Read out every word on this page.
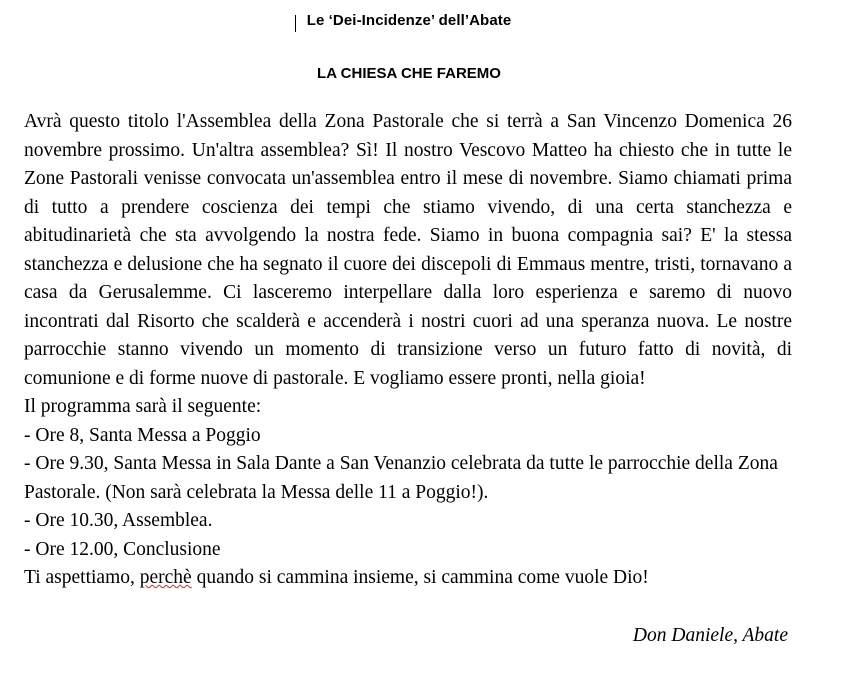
Le ‘Dei-Incidenze’ dell’Abate
LA CHIESA CHE FAREMO

Avrà questo titolo l'Assemblea della Zona Pastorale che si terrà a San Vincenzo Domenica 26 novembre prossimo. Un'altra assemblea? Sì! Il nostro Vescovo Matteo ha chiesto che in tutte le Zone Pastorali venisse convocata un'assemblea entro il mese di novembre. Siamo chiamati prima di tutto a prendere coscienza dei tempi che stiamo vivendo, di una certa stanchezza e abitudinarietà che sta avvolgendo la nostra fede. Siamo in buona compagnia sai? E' la stessa stanchezza e delusione che ha segnato il cuore dei discepoli di Emmaus mentre, tristi, tornavano a casa da Gerusalemme. Ci lasceremo interpellare dalla loro esperienza e saremo di nuovo incontrati dal Risorto che scalderà e accenderà i nostri cuori ad una speranza nuova. Le nostre parrocchie stanno vivendo un momento di transizione verso un futuro fatto di novità, di comunione e di forme nuove di pastorale. E vogliamo essere pronti, nella gioia!

Il programma sarà il seguente:
- Ore 8, Santa Messa a Poggio
- Ore 9.30, Santa Messa in Sala Dante a San Venanzio celebrata da tutte le parrocchie della Zona Pastorale. (Non sarà celebrata la Messa delle 11 a Poggio!).
- Ore 10.30, Assemblea.
- Ore 12.00, Conclusione
Ti aspettiamo, perchè quando si cammina insieme, si cammina come vuole Dio!
Don Daniele, Abate
